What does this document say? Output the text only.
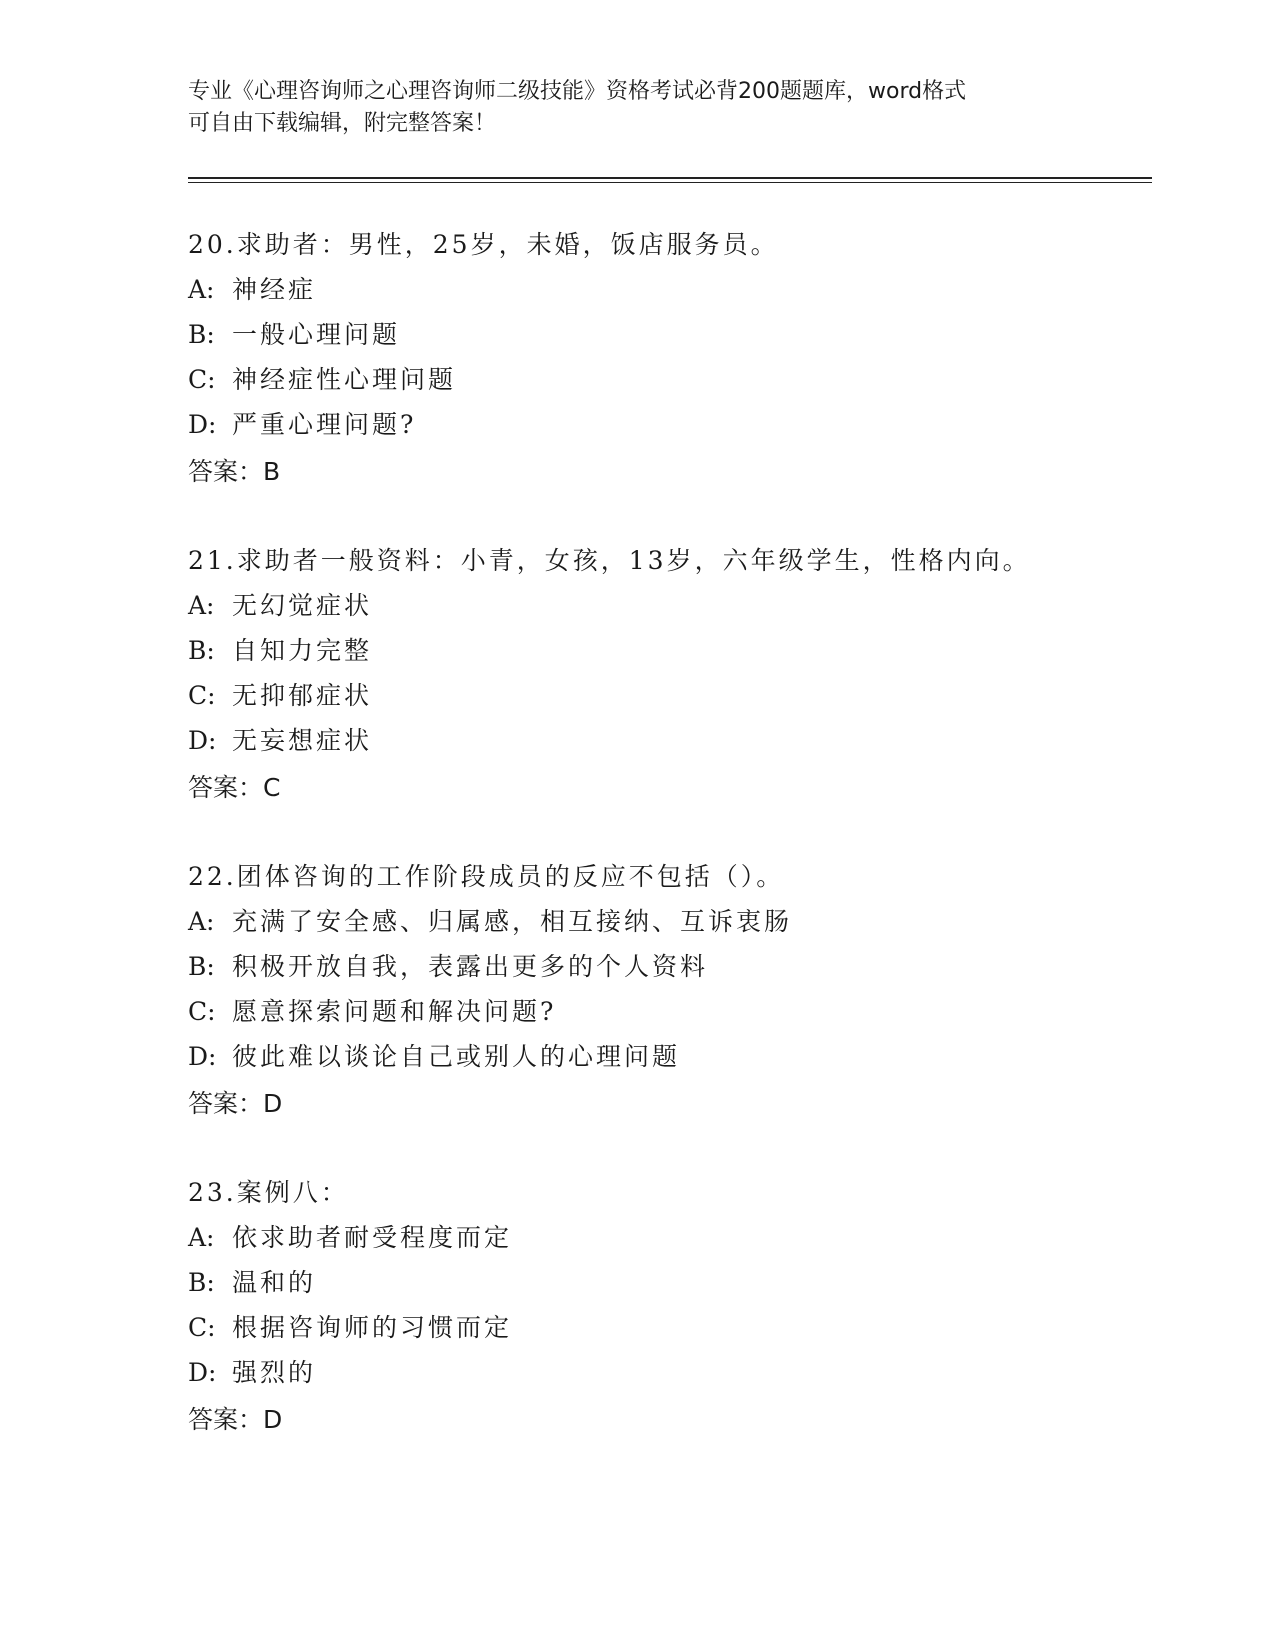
专业《心理咨询师之心理咨询师二级技能》资格考试必背200题题库，word格式
可自由下载编辑，附完整答案！
20.求助者：男性，25岁，未婚，饭店服务员。
A: 神经症
B: 一般心理问题
C: 神经症性心理问题
D: 严重心理问题?
答案：B
21.求助者一般资料：小青，女孩，13岁，六年级学生，性格内向。
A: 无幻觉症状
B: 自知力完整
C: 无抑郁症状
D: 无妄想症状
答案：C
22.团体咨询的工作阶段成员的反应不包括（）。
A: 充满了安全感、归属感，相互接纳、互诉衷肠
B: 积极开放自我，表露出更多的个人资料
C: 愿意探索问题和解决问题?
D: 彼此难以谈论自己或别人的心理问题
答案：D
23.案例八：
A: 依求助者耐受程度而定
B: 温和的
C: 根据咨询师的习惯而定
D: 强烈的
答案：D
